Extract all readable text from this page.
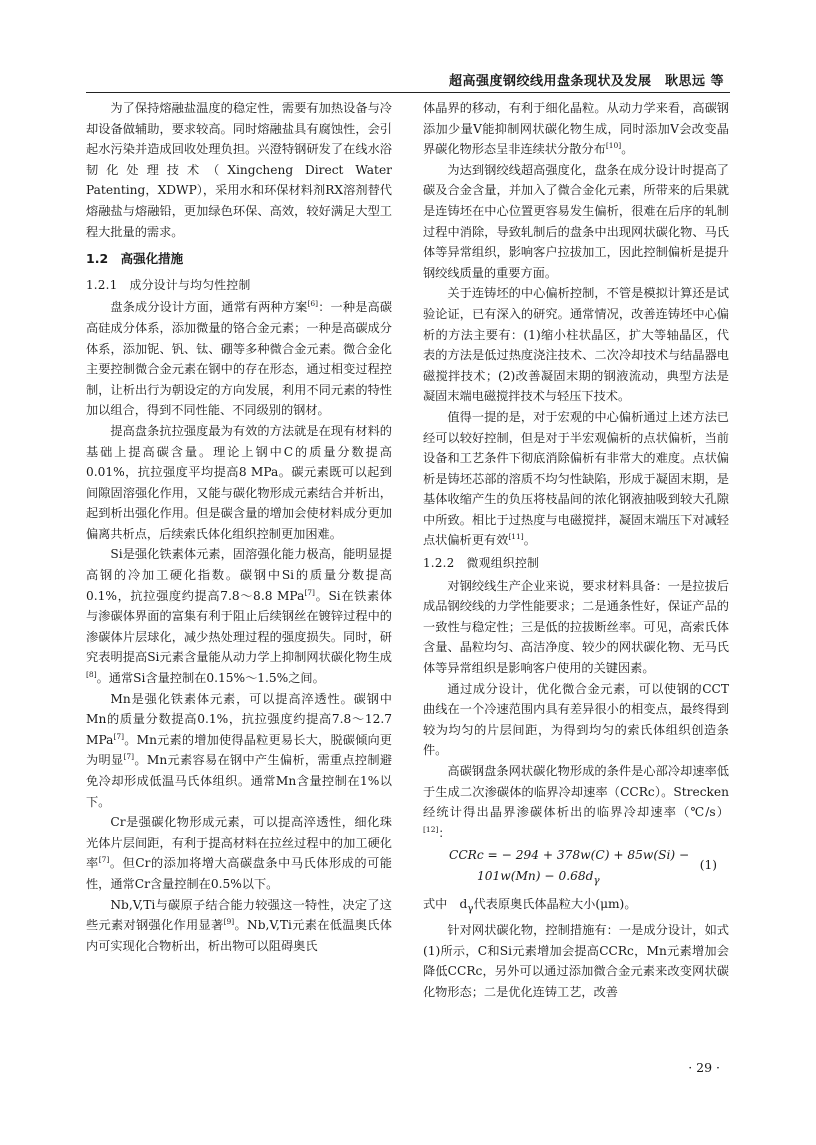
超高强度钢绞线用盘条现状及发展　 耿思远 等

为了保持熔融盐温度的稳定性，需要有加热设备与冷却设备做辅助，要求较高。同时熔融盐具有腐蚀性，会引起水污染并造成回收处理负担。兴澄特钢研发了在线水浴韧化处理技术（Xingcheng Direct Water Patenting，XDWP），采用水和环保材料剂RX溶剂替代熔融盐与熔融铅，更加绿色环保、高效，较好满足大型工程大批量的需求。

1.2　高强化措施
1.2.1　成分设计与均匀性控制

盘条成分设计方面，通常有两种方案[6]：一种是高碳高硅成分体系，添加微量的铬合金元素；一种是高碳成分体系，添加铌、钒、钛、硼等多种微合金元素。微合金化主要控制微合金元素在钢中的存在形态，通过相变过程控制，让析出行为朝设定的方向发展，利用不同元素的特性加以组合，得到不同性能、不同级别的钢材。

提高盘条抗拉强度最为有效的方法就是在现有材料的基础上提高碳含量。理论上钢中C的质量分数提高0.01%，抗拉强度平均提高8 MPa。碳元素既可以起到间隙固溶强化作用，又能与碳化物形成元素结合并析出，起到析出强化作用。但是碳含量的增加会使材料成分更加偏离共析点，后续索氏体化组织控制更加困难。

Si是强化铁素体元素，固溶强化能力极高，能明显提高钢的冷加工硬化指数。碳钢中Si的质量分数提高0.1%，抗拉强度约提高7.8～8.8 MPa[7]。Si在铁素体与渗碳体界面的富集有利于阻止后续钢丝在镀锌过程中的渗碳体片层球化，减少热处理过程的强度损失。同时，研究表明提高Si元素含量能从动力学上抑制网状碳化物生成[8]。通常Si含量控制在0.15%～1.5%之间。

Mn是强化铁素体元素，可以提高淬透性。碳钢中Mn的质量分数提高0.1%，抗拉强度约提高7.8～12.7 MPa[7]。Mn元素的增加使得晶粒更易长大，脱碳倾向更为明显[7]。Mn元素容易在钢中产生偏析，需重点控制避免冷却形成低温马氏体组织。通常Mn含量控制在1%以下。

Cr是强碳化物形成元素，可以提高淬透性，细化珠光体片层间距，有利于提高材料在拉丝过程中的加工硬化率[7]。但Cr的添加将增大高碳盘条中马氏体形成的可能性，通常Cr含量控制在0.5%以下。

Nb,V,Ti与碳原子结合能力较强这一特性，决定了这些元素对钢强化作用显著[9]。Nb,V,Ti元素在低温奥氏体内可实现化合物析出，析出物可以阻碍奥氏

体晶界的移动，有利于细化晶粒。从动力学来看，高碳钢添加少量V能抑制网状碳化物生成，同时添加V会改变晶界碳化物形态呈非连续状分散分布[10]。

为达到钢绞线超高强度化，盘条在成分设计时提高了碳及合金含量，并加入了微合金化元素，所带来的后果就是连铸坯在中心位置更容易发生偏析，很难在后序的轧制过程中消除，导致轧制后的盘条中出现网状碳化物、马氏体等异常组织，影响客户拉拔加工，因此控制偏析是提升钢绞线质量的重要方面。

关于连铸坯的中心偏析控制，不管是模拟计算还是试验论证，已有深入的研究。通常情况，改善连铸坯中心偏析的方法主要有：(1)缩小柱状晶区，扩大等轴晶区，代表的方法是低过热度浇注技术、二次冷却技术与结晶器电磁搅拌技术；(2)改善凝固末期的钢液流动，典型方法是凝固末端电磁搅拌技术与轻压下技术。

值得一提的是，对于宏观的中心偏析通过上述方法已经可以较好控制，但是对于半宏观偏析的点状偏析，当前设备和工艺条件下彻底消除偏析有非常大的难度。点状偏析是铸坯芯部的溶质不均匀性缺陷，形成于凝固末期，是基体收缩产生的负压将枝晶间的浓化钢液抽吸到较大孔隙中所致。相比于过热度与电磁搅拌，凝固末端压下对减轻点状偏析更有效[11]。

1.2.2　微观组织控制

对钢绞线生产企业来说，要求材料具备：一是拉拔后成品钢绞线的力学性能要求；二是通条性好，保证产品的一致性与稳定性；三是低的拉拔断丝率。可见，高索氏体含量、晶粒均匀、高洁净度、较少的网状碳化物、无马氏体等异常组织是影响客户使用的关键因素。

通过成分设计，优化微合金元素，可以使钢的CCT曲线在一个冷速范围内具有差异很小的相变点，最终得到较为均匀的片层间距，为得到均匀的索氏体组织创造条件。

高碳钢盘条网状碳化物形成的条件是心部冷却速率低于生成二次渗碳体的临界冷却速率（CCRc）。Strecken经统计得出晶界渗碳体析出的临界冷却速率（℃/s）[12]：

CCRc = − 294 + 378w(C) + 85w(Si) −
$101w(Mn) - 0.68d_\gamma$
(1)

式中　$d_\gamma$代表原奥氏体晶粒大小(μm)。

针对网状碳化物，控制措施有：一是成分设计，如式(1)所示，C和Si元素增加会提高CCRc，Mn元素增加会降低CCRc，另外可以通过添加微合金元素来改变网状碳化物形态；二是优化连铸工艺，改善

· 29 ·
